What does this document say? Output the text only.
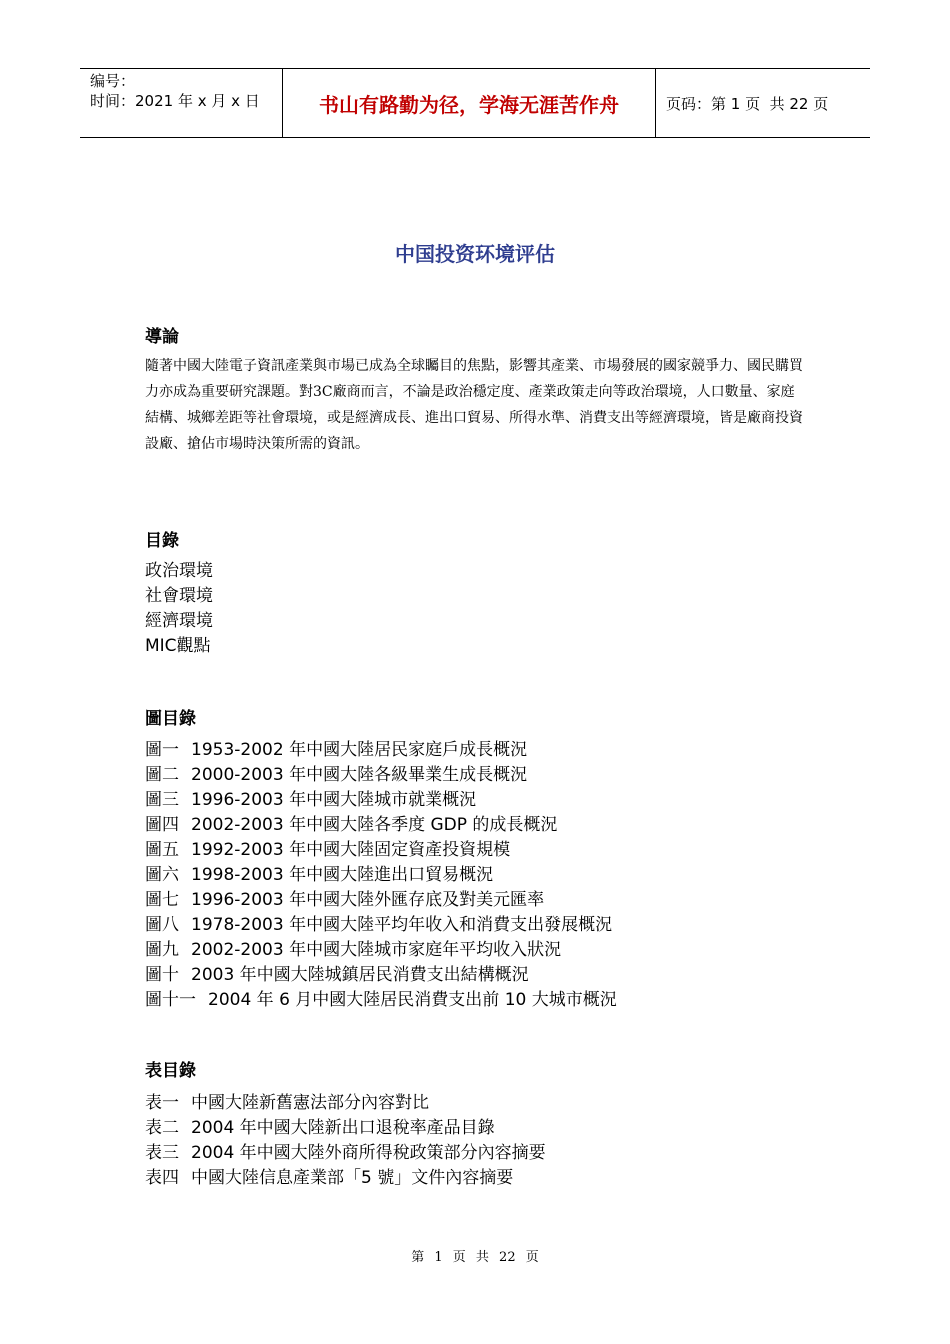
编号：
时间：2021 年 x 月 x 日	书山有路勤为径，学海无涯苦作舟	页码：第 1 页  共 22 页
中国投资环境评估
導論
隨著中國大陸電子資訊產業與市場已成為全球矚目的焦點，影響其產業、市場發展的國家競爭力、國民購買力亦成為重要研究課題。對3C廠商而言，不論是政治穩定度、產業政策走向等政治環境，人口數量、家庭結構、城鄉差距等社會環境，或是經濟成長、進出口貿易、所得水準、消費支出等經濟環境，皆是廠商投資設廠、搶佔市場時決策所需的資訊。
目錄
政治環境
社會環境
經濟環境
MIC觀點
圖目錄
圖一 1953-2002 年中國大陸居民家庭戶成長概況
圖二 2000-2003 年中國大陸各級畢業生成長概況
圖三 1996-2003 年中國大陸城市就業概況
圖四 2002-2003 年中國大陸各季度 GDP 的成長概況
圖五 1992-2003 年中國大陸固定資產投資規模
圖六 1998-2003 年中國大陸進出口貿易概況
圖七 1996-2003 年中國大陸外匯存底及對美元匯率
圖八 1978-2003 年中國大陸平均年收入和消費支出發展概況
圖九 2002-2003 年中國大陸城市家庭年平均收入狀況
圖十 2003 年中國大陸城鎮居民消費支出結構概況
圖十一 2004 年 6 月中國大陸居民消費支出前 10 大城市概況
表目錄
表一 中國大陸新舊憲法部分內容對比
表二 2004 年中國大陸新出口退稅率產品目錄
表三 2004 年中國大陸外商所得稅政策部分內容摘要
表四 中國大陸信息產業部「5 號」文件內容摘要
第 1 页 共 22 页
